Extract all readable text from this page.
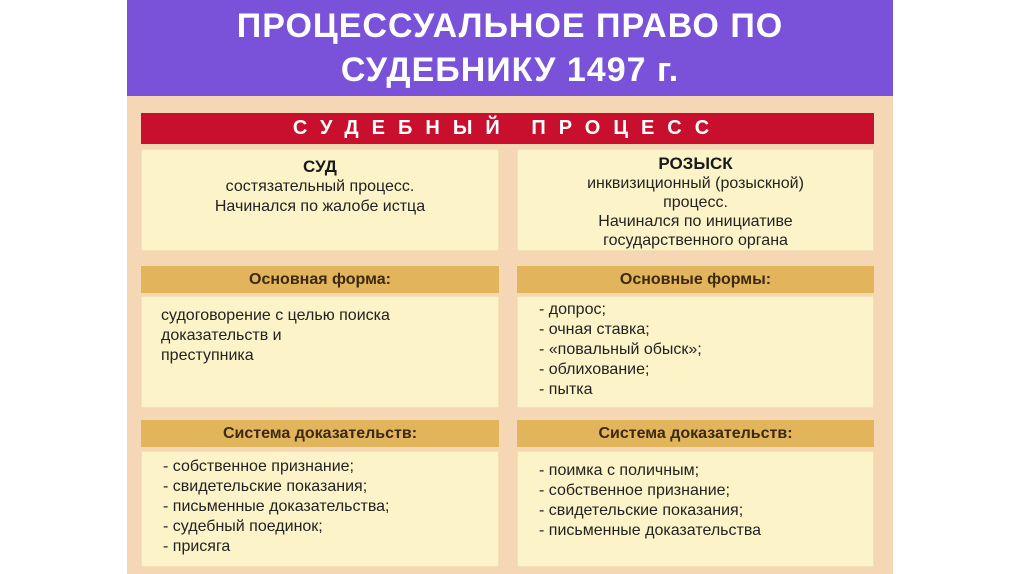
ПРОЦЕССУАЛЬНОЕ ПРАВО ПО
СУДЕБНИКУ 1497 г.
СУДЕБНЫЙ ПРОЦЕСС
СУД
состязательный процесс.
Начинался по жалобе истца
РОЗЫСК
инквизиционный (розыскной)
процесс.
Начинался по инициативе
государственного органа
Основная форма:	Основные формы:
судоговорение с целью поиска
доказательств и
преступника
- допрос;
- очная ставка;
- «повальный обыск»;
- облихование;
- пытка
Система доказательств:	Система доказательств:
- собственное признание;
- свидетельские показания;
- письменные доказательства;
- судебный поединок;
- присяга
- поимка с поличным;
- собственное признание;
- свидетельские показания;
- письменные доказательства
